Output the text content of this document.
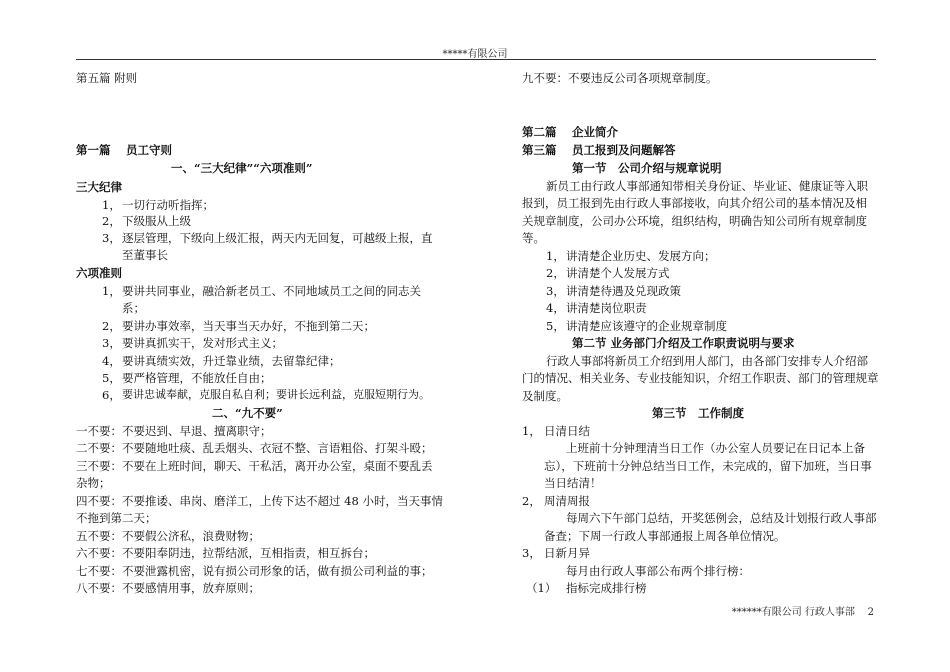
*****有限公司
第五篇 附则
第一篇　 员工守则
一、“三大纪律”“六项准则”
三大纪律
1， 一切行动听指挥；
2， 下级服从上级
3， 逐层管理，下级向上级汇报，两天内无回复，可越级上报，直
至董事长
六项准则
1， 要讲共同事业，融洽新老员工、不同地域员工之间的同志关
系；
2， 要讲办事效率，当天事当天办好，不拖到第二天；
3， 要讲真抓实干，发对形式主义；
4， 要讲真绩实效，升迁靠业绩，去留靠纪律；
5， 要严格管理，不能放任自由；
6， 要讲忠诚奉献，克服自私自利；要讲长远利益，克服短期行为。
二、“九不要”
一不要：不要迟到、早退、擅离职守；
二不要：不要随地吐痰、乱丢烟头、衣冠不整、言语粗俗、打架斗殴；
三不要：不要在上班时间，聊天、干私活，离开办公室，桌面不要乱丢
杂物；
四不要：不要推诿、串岗、磨洋工，上传下达不超过 48 小时，当天事情
不拖到第二天；
五不要：不要假公济私，浪费财物；
六不要：不要阳奉阴违，拉帮结派，互相指责，相互拆台；
七不要：不要泄露机密，说有损公司形象的话，做有损公司利益的事；
八不要：不要感情用事，放弃原则；
九不要：不要违反公司各项规章制度。
第二篇　 企业简介
第三篇　 员工报到及问题解答
第一节　公司介绍与规章说明
新员工由行政人事部通知带相关身份证、毕业证、健康证等入职
报到，员工报到先由行政人事部接收，向其介绍公司的基本情况及相
关规章制度，公司办公环境，组织结构，明确告知公司所有规章制度
等。
1， 讲清楚企业历史、发展方向；
2， 讲清楚个人发展方式
3， 讲清楚待遇及兑现政策
4， 讲清楚岗位职责
5， 讲清楚应该遵守的企业规章制度
第二节 业务部门介绍及工作职责说明与要求
行政人事部将新员工介绍到用人部门，由各部门安排专人介绍部
门的情况、相关业务、专业技能知识，介绍工作职责、部门的管理规章
及制度。
第三节　工作制度
1， 日清日结
上班前十分钟理清当日工作（办公室人员要记在日记本上备
忘），下班前十分钟总结当日工作，未完成的，留下加班，当日事
当日结清！
2， 周清周报
每周六下午部门总结，开奖惩例会，总结及计划报行政人事部
备查；下周一行政人事部通报上周各单位情况。
3， 日新月异
每月由行政人事部公布两个排行榜：
（1） 指标完成排行榜
******有限公司 行政人事部 2
